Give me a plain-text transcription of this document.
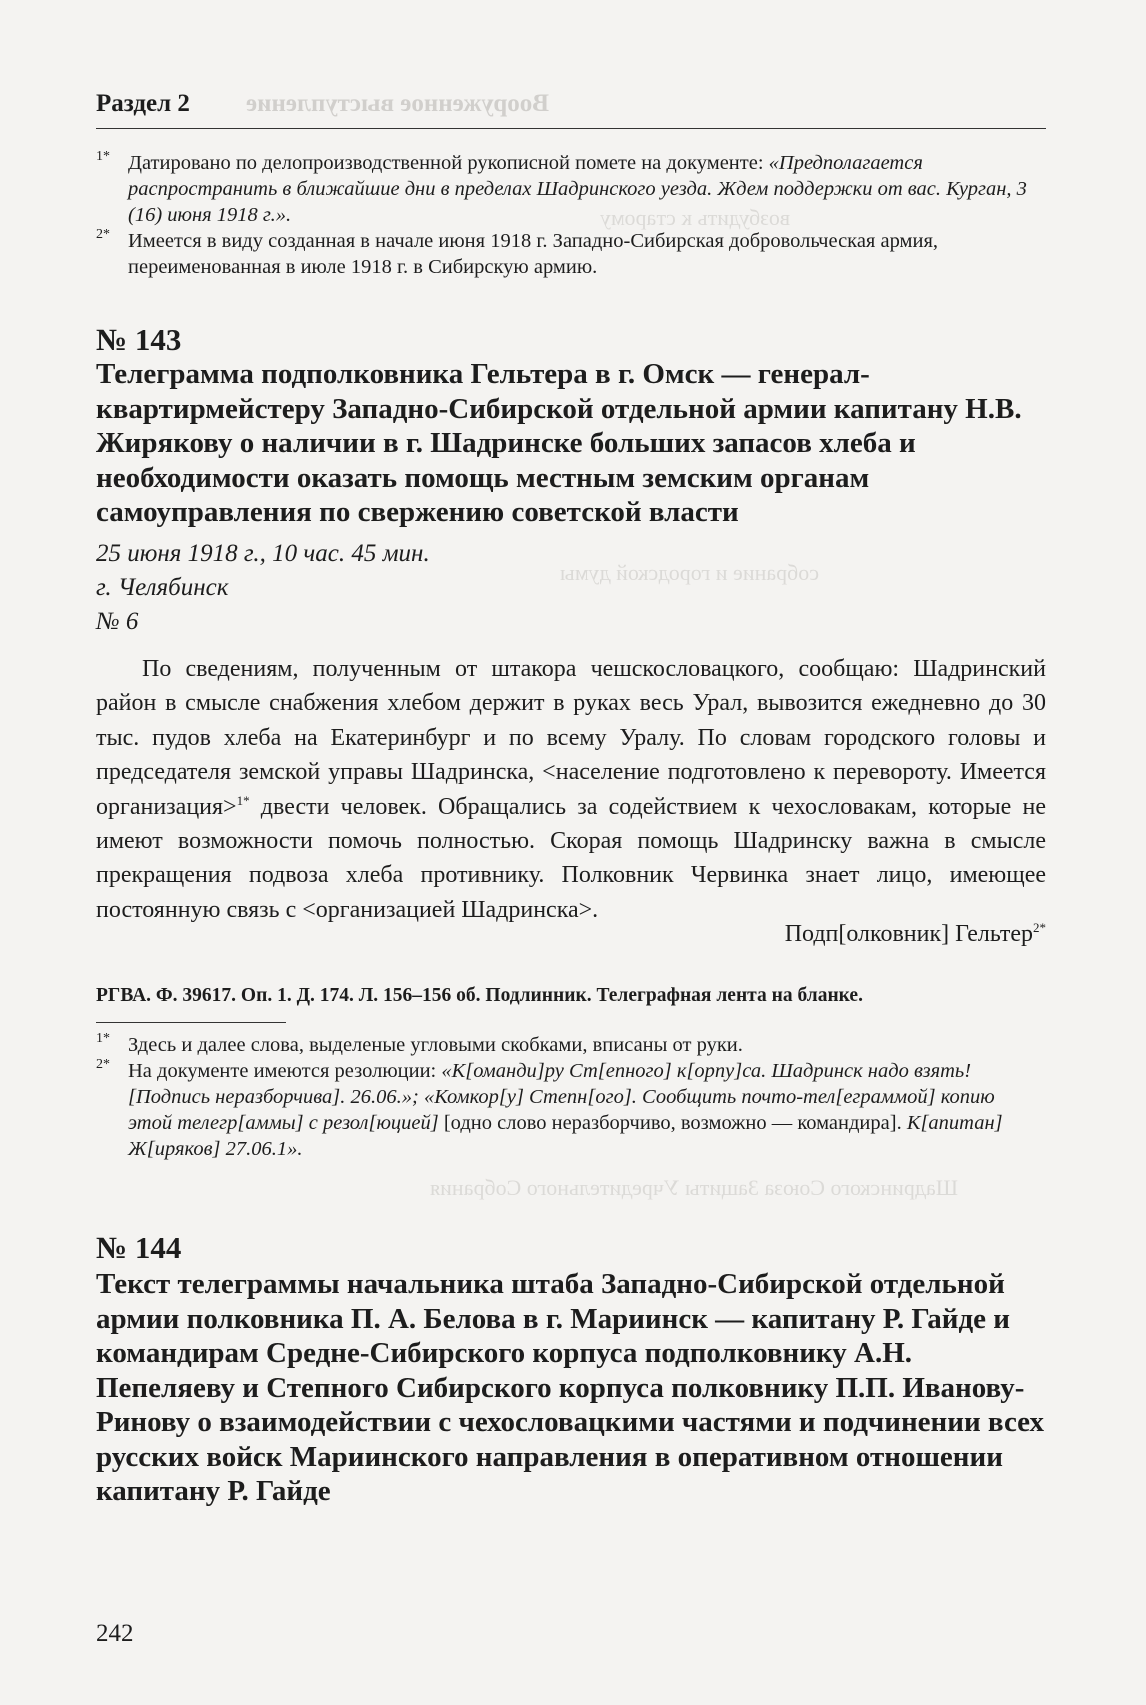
возбудить к старому
собрание и городской думы
Шадринского Союза Защиты Учредительного Собрания
Раздел 2 Вооруженное выступление
1* Датировано по делопроизводственной рукописной помете на документе: «Предполагается распространить в ближайшие дни в пределах Шадринского уезда. Ждем поддержки от вас. Курган, 3 (16) июня 1918 г.».
2* Имеется в виду созданная в начале июня 1918 г. Западно-Сибирская добровольческая армия, переименованная в июле 1918 г. в Сибирскую армию.
№ 143
Телеграмма подполковника Гельтера в г. Омск — генерал-квартирмейстеру Западно-Сибирской отдельной армии капитану Н.В. Жирякову о наличии в г. Шадринске больших запасов хлеба и необходимости оказать помощь местным земским органам самоуправления по свержению советской власти
25 июня 1918 г., 10 час. 45 мин.
г. Челябинск
№ 6

По сведениям, полученным от штакора чешскословацкого, сообщаю: Шадринский район в смысле снабжения хлебом держит в руках весь Урал, вывозится ежедневно до 30 тыс. пудов хлеба на Екатеринбург и по всему Уралу. По словам городского головы и председателя земской управы Шадринска, <население подготовлено к перевороту. Имеется организация>$^{1*}$ двести человек. Обращались за содействием к чехословакам, которые не имеют возможности помочь полностью. Скорая помощь Шадринску важна в смысле прекращения подвоза хлеба противнику. Полковник Червинка знает лицо, имеющее постоянную связь с <организацией Шадринска>.

Подп[олковник] Гельтер$^{2*}$
РГВА. Ф. 39617. Оп. 1. Д. 174. Л. 156–156 об. Подлинник. Телеграфная лента на бланке.
1* Здесь и далее слова, выделеные угловыми скобками, вписаны от руки.
2* На документе имеются резолюции: «К[оманди]ру Ст[епного] к[орпу]са. Шадринск надо взять! [Подпись неразборчива]. 26.06.»; «Комкор[у] Степн[ого]. Сообщить почто-тел[еграммой] копию этой телегр[аммы] с резол[юцией] [одно слово неразборчиво, возможно — командира]. К[апитан] Ж[иряков] 27.06.1».
№ 144
Текст телеграммы начальника штаба Западно-Сибирской отдельной армии полковника П. А. Белова в г. Мариинск — капитану Р. Гайде и командирам Средне-Сибирского корпуса подполковнику А.Н. Пепеляеву и Степного Сибирского корпуса полковнику П.П. Иванову-Ринову о взаимодействии с чехословацкими частями и подчинении всех русских войск Мариинского направления в оперативном отношении капитану Р. Гайде
242
